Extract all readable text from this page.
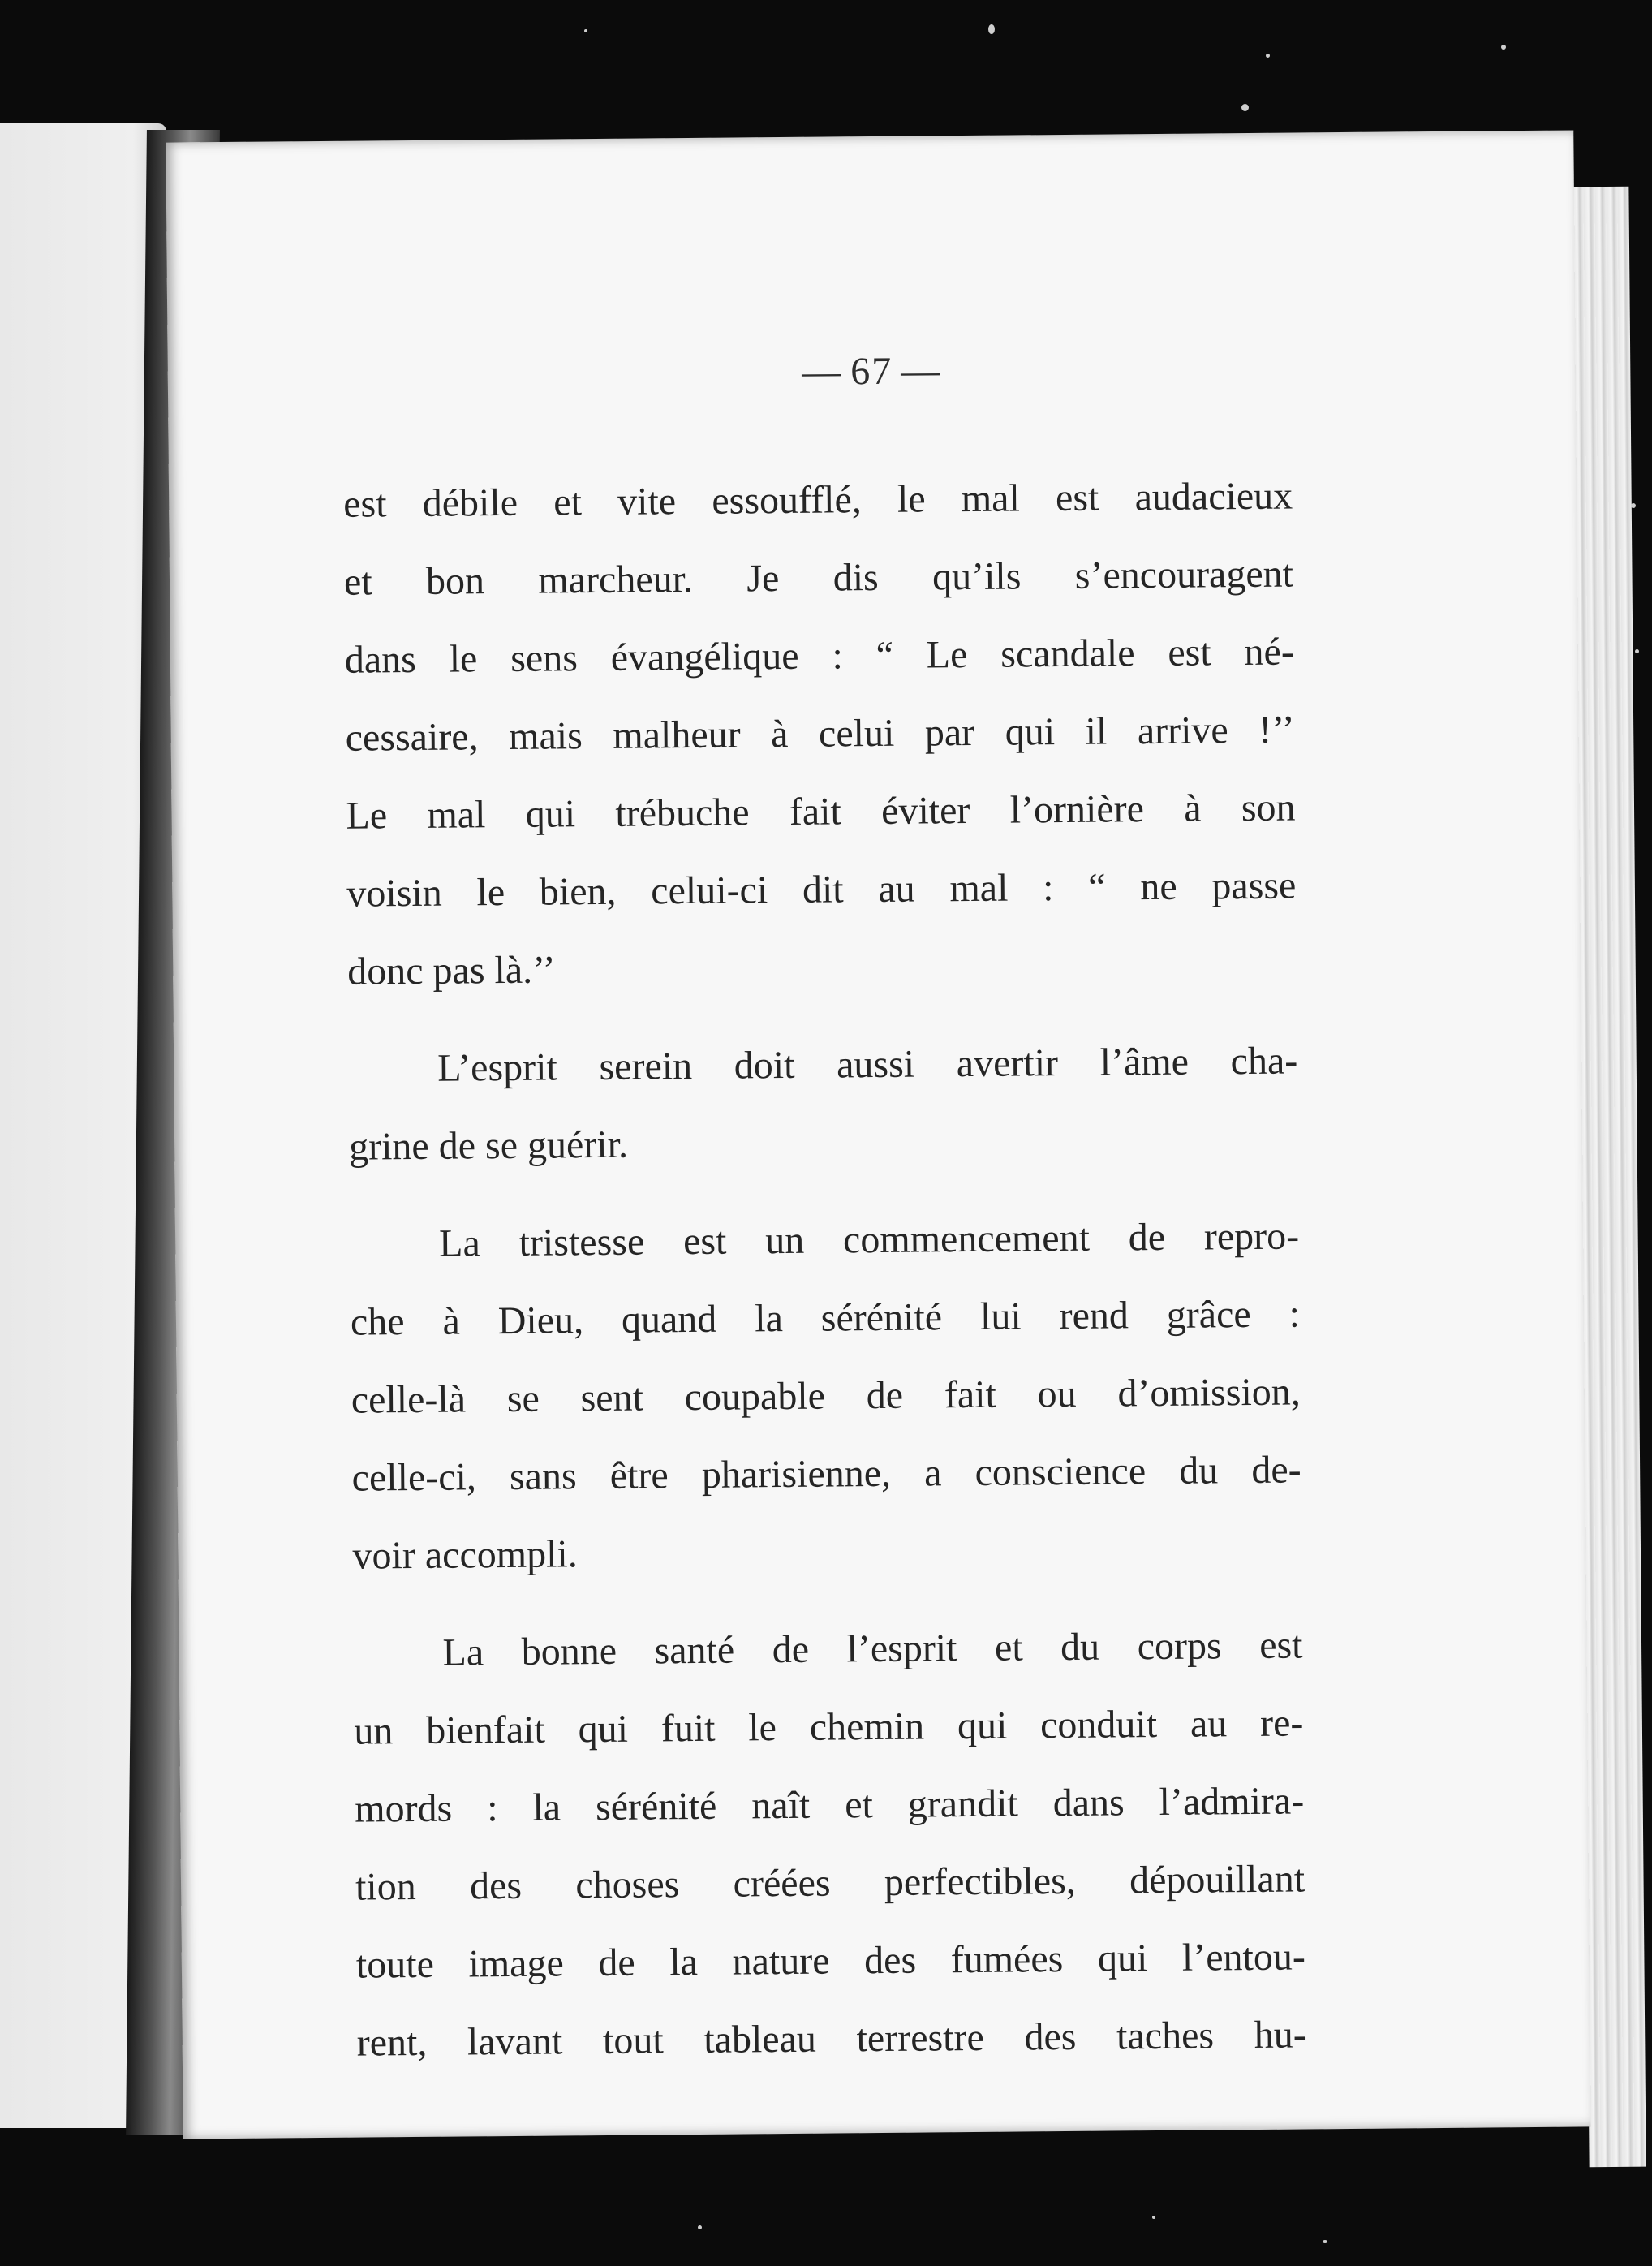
— 67 —
est débile et vite essoufflé, le mal est audacieux
et bon marcheur. Je dis qu’ils s’encouragent
dans le sens évangélique : “ Le scandale est né-
cessaire, mais malheur à celui par qui il arrive !’’
Le mal qui trébuche fait éviter l’ornière à son
voisin le bien, celui-ci dit au mal : “ ne passe
donc pas là.’’
L’esprit serein doit aussi avertir l’âme cha-
grine de se guérir.
La tristesse est un commencement de repro-
che à Dieu, quand la sérénité lui rend grâce :
celle-là se sent coupable de fait ou d’omission,
celle-ci, sans être pharisienne, a conscience du de-
voir accompli.
La bonne santé de l’esprit et du corps est
un bienfait qui fuit le chemin qui conduit au re-
mords : la sérénité naît et grandit dans l’admira-
tion des choses créées perfectibles, dépouillant
toute image de la nature des fumées qui l’entou-
rent, lavant tout tableau terrestre des taches hu-
